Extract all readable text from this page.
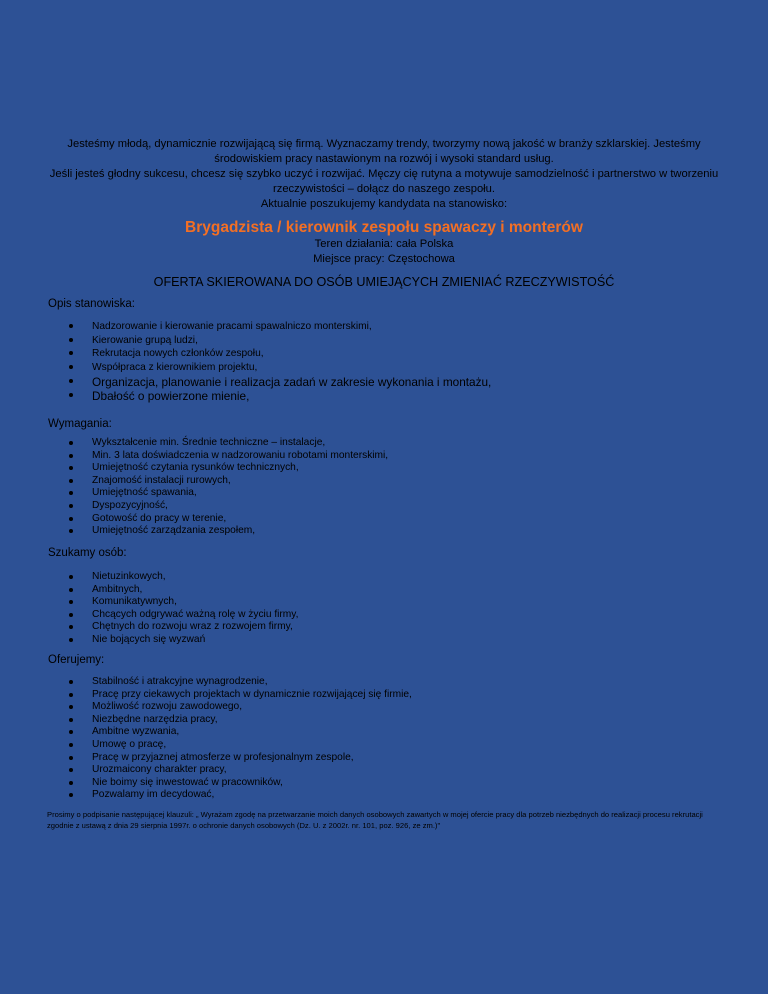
Jesteśmy młodą, dynamicznie rozwijającą się firmą. Wyznaczamy trendy, tworzymy nową jakość w branży szklarskiej. Jesteśmy środowiskiem pracy nastawionym na rozwój i wysoki standard usług.

Jeśli jesteś głodny sukcesu, chcesz się szybko uczyć i rozwijać. Męczy cię rutyna a motywuje samodzielność i partnerstwo w tworzeniu rzeczywistości – dołącz do naszego zespołu.

Aktualnie poszukujemy kandydata na stanowisko:

Brygadzista / kierownik zespołu spawaczy i monterów
Teren działania: cała Polska
Miejsce pracy: Częstochowa
OFERTA SKIEROWANA DO OSÓB UMIEJĄCYCH ZMIENIAĆ RZECZYWISTOŚĆ
Opis stanowiska:
Nadzorowanie i kierowanie pracami spawalniczo monterskimi,
Kierowanie grupą ludzi,
Rekrutacja nowych członków zespołu,
Współpraca z kierownikiem projektu,
Organizacja, planowanie i realizacja zadań w zakresie wykonania i montażu,
Dbałość o powierzone mienie,
Wymagania:
Wykształcenie min. Średnie techniczne – instalacje,
Min. 3 lata doświadczenia w nadzorowaniu robotami monterskimi,
Umiejętność czytania rysunków technicznych,
Znajomość instalacji rurowych,
Umiejętność spawania,
Dyspozycyjność,
Gotowość do pracy w terenie,
Umiejętność zarządzania zespołem,
Szukamy osób:
Nietuzinkowych,
Ambitnych,
Komunikatywnych,
Chcących odgrywać ważną rolę w życiu firmy,
Chętnych do rozwoju wraz z rozwojem firmy,
Nie bojących się wyzwań
Oferujemy:
Stabilność i atrakcyjne wynagrodzenie,
Pracę przy ciekawych projektach w dynamicznie rozwijającej się firmie,
Możliwość rozwoju zawodowego,
Niezbędne narzędzia pracy,
Ambitne wyzwania,
Umowę o pracę,
Pracę w przyjaznej atmosferze w profesjonalnym zespole,
Urozmaicony charakter pracy,
Nie boimy się inwestować w pracowników,
Pozwalamy im decydować,
Prosimy o podpisanie następującej klauzuli: „ Wyrażam zgodę na przetwarzanie moich danych osobowych zawartych w mojej ofercie pracy dla potrzeb niezbędnych do realizacji procesu rekrutacji zgodnie z ustawą z dnia 29 sierpnia 1997r. o ochronie danych osobowych (Dz. U. z 2002r. nr. 101, poz. 926, ze zm.)"
